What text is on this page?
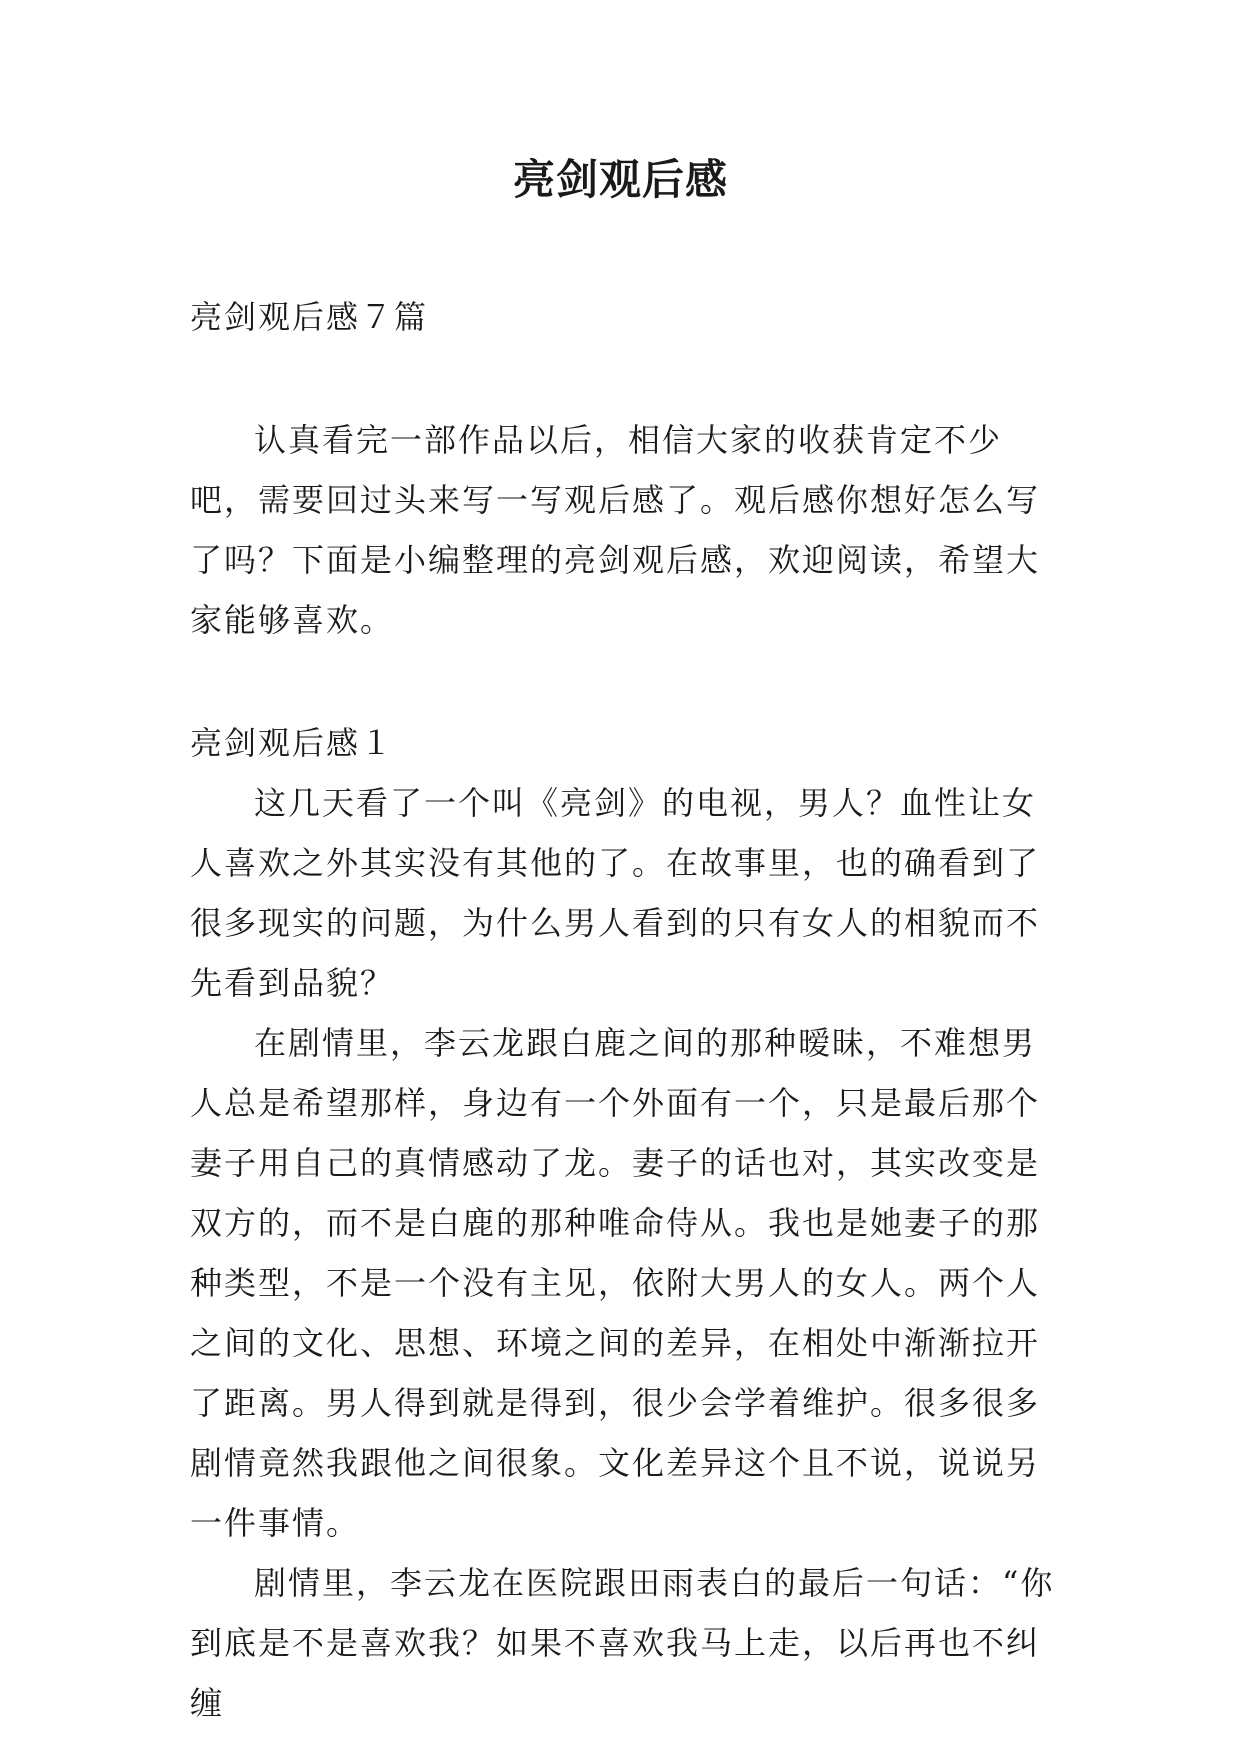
亮剑观后感

亮剑观后感７篇

认真看完一部作品以后，相信大家的收获肯定不少吧，需要回过头来写一写观后感了。观后感你想好怎么写了吗？下面是小编整理的亮剑观后感，欢迎阅读，希望大家能够喜欢。

亮剑观后感１

这几天看了一个叫《亮剑》的电视，男人？血性让女人喜欢之外其实没有其他的了。在故事里，也的确看到了很多现实的问题，为什么男人看到的只有女人的相貌而不先看到品貌？

在剧情里，李云龙跟白鹿之间的那种暧昧，不难想男人总是希望那样，身边有一个外面有一个，只是最后那个妻子用自己的真情感动了龙。妻子的话也对，其实改变是双方的，而不是白鹿的那种唯命侍从。我也是她妻子的那种类型，不是一个没有主见，依附大男人的女人。两个人之间的文化、思想、环境之间的差异，在相处中渐渐拉开了距离。男人得到就是得到，很少会学着维护。很多很多剧情竟然我跟他之间很象。文化差异这个且不说，说说另一件事情。

剧情里，李云龙在医院跟田雨表白的最后一句话：“你到底是不是喜欢我？如果不喜欢我马上走，以后再也不纠缠
